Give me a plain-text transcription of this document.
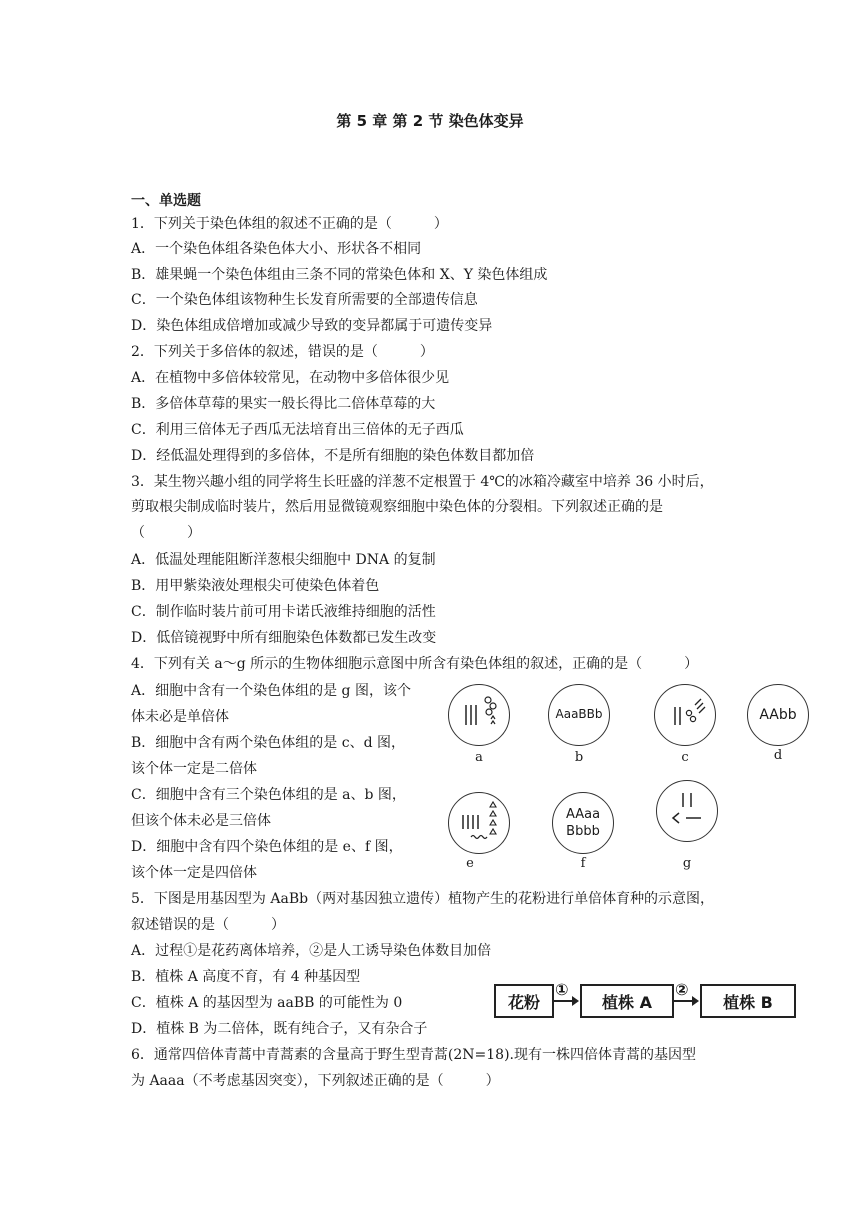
第 5 章 第 2 节 染色体变异
一、单选题
1．下列关于染色体组的叙述不正确的是（　　　）
A．一个染色体组各染色体大小、形状各不相同
B．雄果蝇一个染色体组由三条不同的常染色体和 X、Y 染色体组成
C．一个染色体组该物种生长发育所需要的全部遗传信息
D．染色体组成倍增加或减少导致的变异都属于可遗传变异
2．下列关于多倍体的叙述，错误的是（　　　）
A．在植物中多倍体较常见，在动物中多倍体很少见
B．多倍体草莓的果实一般长得比二倍体草莓的大
C．利用三倍体无子西瓜无法培育出三倍体的无子西瓜
D．经低温处理得到的多倍体，不是所有细胞的染色体数目都加倍
3．某生物兴趣小组的同学将生长旺盛的洋葱不定根置于 4℃的冰箱冷藏室中培养 36 小时后，
剪取根尖制成临时装片，然后用显微镜观察细胞中染色体的分裂相。下列叙述正确的是
（　　　）
A．低温处理能阻断洋葱根尖细胞中 DNA 的复制
B．用甲紫染液处理根尖可使染色体着色
C．制作临时装片前可用卡诺氏液维持细胞的活性
D．低倍镜视野中所有细胞染色体数都已发生改变
4．下列有关 a～g 所示的生物体细胞示意图中所含有染色体组的叙述，正确的是（　　　）
A．细胞中含有一个染色体组的是 g 图，该个
体未必是单倍体
B．细胞中含有两个染色体组的是 c、d 图，
该个体一定是二倍体
C．细胞中含有三个染色体组的是 a、b 图，
但该个体未必是三倍体
D．细胞中含有四个染色体组的是 e、f 图，
该个体一定是四倍体
a
AaaBBb
b	c
AAbb
d
e
AAaa
Bbbb
f	g
5．下图是用基因型为 AaBb（两对基因独立遗传）植物产生的花粉进行单倍体育种的示意图，
叙述错误的是（　　　）
A．过程①是花药离体培养，②是人工诱导染色体数目加倍
B．植株 A 高度不育，有 4 种基因型
C．植株 A 的基因型为 aaBB 的可能性为 0
D．植株 B 为二倍体，既有纯合子，又有杂合子
花粉
①
植株 A
②
植株 B
6．通常四倍体青蒿中青蒿素的含量高于野生型青蒿(2N=18).现有一株四倍体青蒿的基因型
为 Aaaa（不考虑基因突变），下列叙述正确的是（　　　）
